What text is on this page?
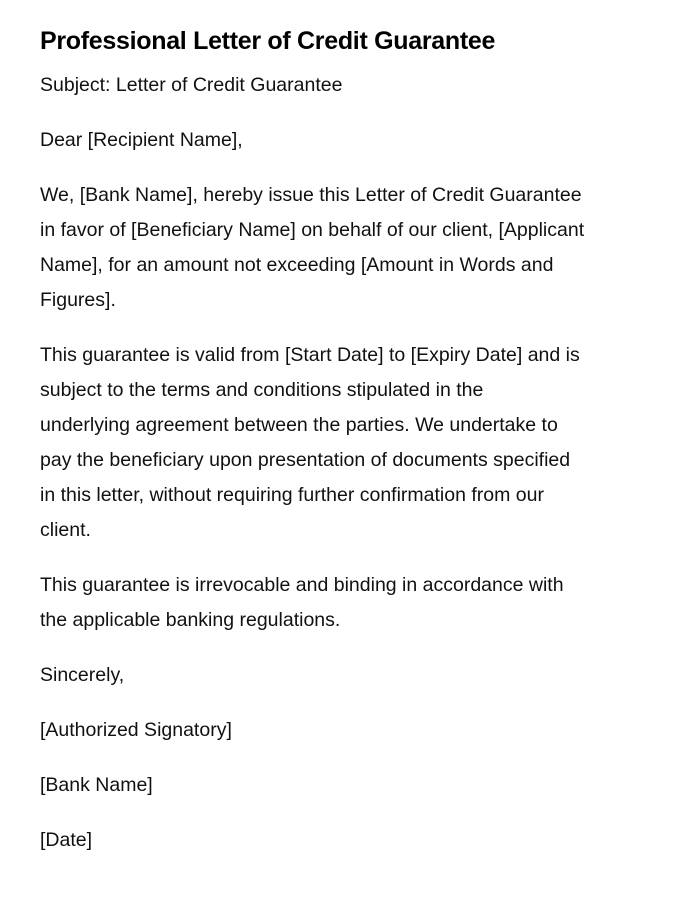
Professional Letter of Credit Guarantee

Subject: Letter of Credit Guarantee

Dear [Recipient Name],

We, [Bank Name], hereby issue this Letter of Credit Guarantee
in favor of [Beneficiary Name] on behalf of our client, [Applicant
Name], for an amount not exceeding [Amount in Words and
Figures].

This guarantee is valid from [Start Date] to [Expiry Date] and is
subject to the terms and conditions stipulated in the
underlying agreement between the parties. We undertake to
pay the beneficiary upon presentation of documents specified
in this letter, without requiring further confirmation from our
client.

This guarantee is irrevocable and binding in accordance with
the applicable banking regulations.

Sincerely,

[Authorized Signatory]

[Bank Name]

[Date]
